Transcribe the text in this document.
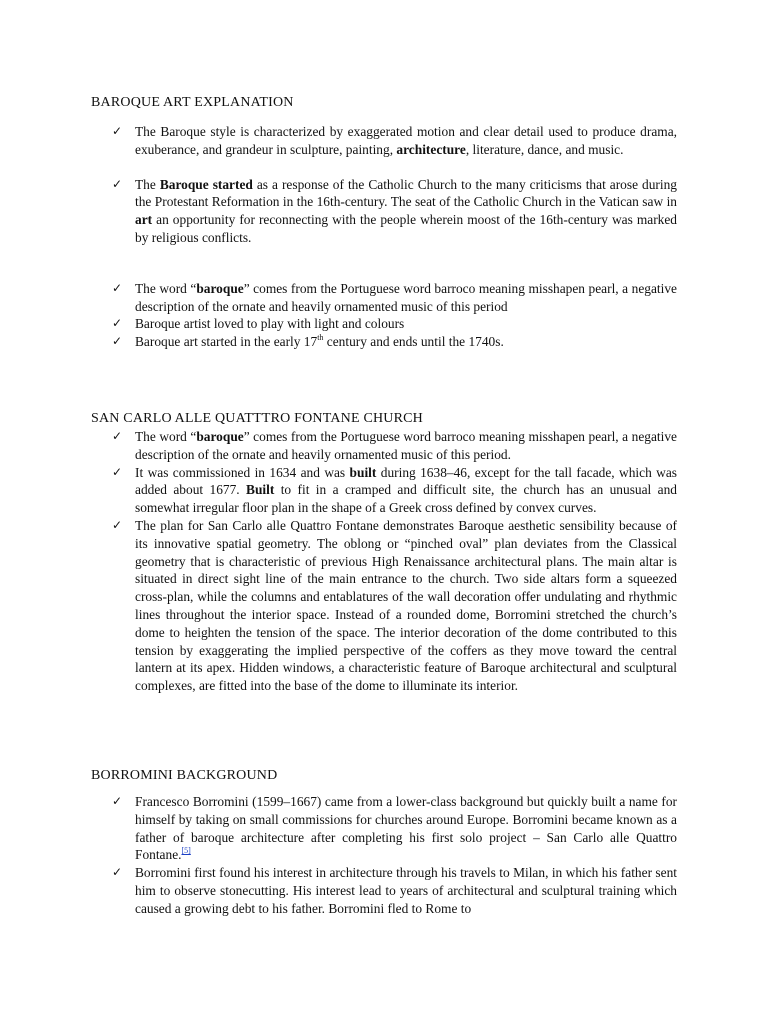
BAROQUE ART EXPLANATION
✓ The Baroque style is characterized by exaggerated motion and clear detail used to produce drama, exuberance, and grandeur in sculpture, painting, architecture, literature, dance, and music.
✓ The Baroque started as a response of the Catholic Church to the many criticisms that arose during the Protestant Reformation in the 16th-century. The seat of the Catholic Church in the Vatican saw in art an opportunity for reconnecting with the people wherein moost of the 16th-century was marked by religious conflicts.
✓ The word “baroque” comes from the Portuguese word barroco meaning misshapen pearl, a negative description of the ornate and heavily ornamented music of this period
✓ Baroque artist loved to play with light and colours
✓ Baroque art started in the early 17th century and ends until the 1740s.
SAN CARLO ALLE QUATTTRO FONTANE CHURCH
✓ The word “baroque” comes from the Portuguese word barroco meaning misshapen pearl, a negative description of the ornate and heavily ornamented music of this period.
✓ It was commissioned in 1634 and was built during 1638–46, except for the tall facade, which was added about 1677. Built to fit in a cramped and difficult site, the church has an unusual and somewhat irregular floor plan in the shape of a Greek cross defined by convex curves.
✓ The plan for San Carlo alle Quattro Fontane demonstrates Baroque aesthetic sensibility because of its innovative spatial geometry. The oblong or “pinched oval” plan deviates from the Classical geometry that is characteristic of previous High Renaissance architectural plans. The main altar is situated in direct sight line of the main entrance to the church. Two side altars form a squeezed cross-plan, while the columns and entablatures of the wall decoration offer undulating and rhythmic lines throughout the interior space. Instead of a rounded dome, Borromini stretched the church’s dome to heighten the tension of the space. The interior decoration of the dome contributed to this tension by exaggerating the implied perspective of the coffers as they move toward the central lantern at its apex. Hidden windows, a characteristic feature of Baroque architectural and sculptural complexes, are fitted into the base of the dome to illuminate its interior.
BORROMINI BACKGROUND
✓ Francesco Borromini (1599–1667) came from a lower-class background but quickly built a name for himself by taking on small commissions for churches around Europe. Borromini became known as a father of baroque architecture after completing his first solo project – San Carlo alle Quattro Fontane.[5]
✓ Borromini first found his interest in architecture through his travels to Milan, in which his father sent him to observe stonecutting. His interest lead to years of architectural and sculptural training which caused a growing debt to his father. Borromini fled to Rome to
